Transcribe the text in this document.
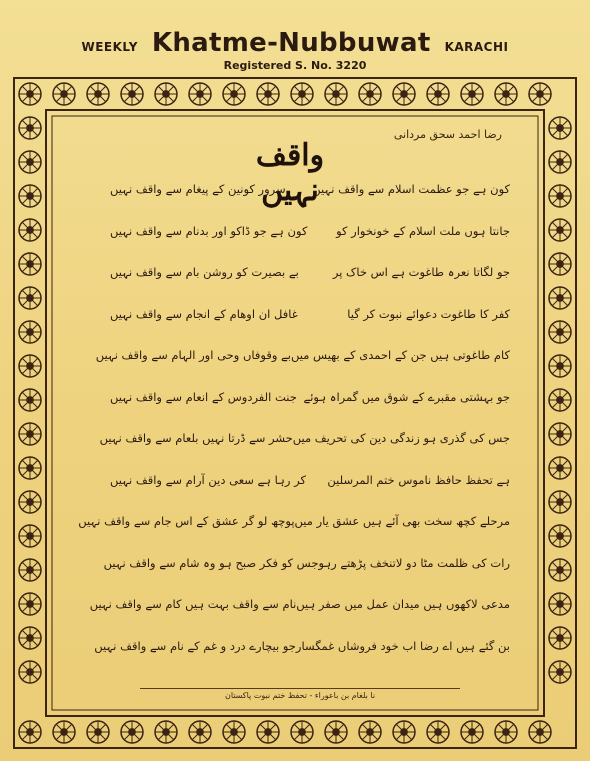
WEEKLY Khatme-Nubbuwat KARACHI
Registered S. No. 3220
رضا احمد سحق مردانی
واقف نہیں
کون ہے جو عظمت اسلام سے واقف نہیں
سرور کونین کے پیغام سے واقف نہیں
جانتا ہوں ملت اسلام کے خونخوار کو
کون ہے جو ڈاکو اور بدنام سے واقف نہیں
جو لگاتا نعرہ طاغوت ہے اس خاک پر
بے بصیرت کو روشن بام سے واقف نہیں
کفر کا طاغوت دعوائے نبوت کر گیا
غافل ان اوھام کے انجام سے واقف نہیں
کام طاغوتی ہیں جن کے احمدی کے بھیس میں
بے وقوفاں وحی اور الہام سے واقف نہیں
جو بہشتی مقبرے کے شوق میں گمراہ ہوئے
جنت الفردوس کے انعام سے واقف نہیں
جس کی گذری ہو زندگی دین کی تحریف میں
حشر سے ڈرتا نہیں بلعام سے واقف نہیں
ہے تحفظ حافظ ناموس ختم المرسلین
کر رہا ہے سعی دین آرام سے واقف نہیں
مرحلے کچھ سخت بھی آئے ہیں عشق یار میں
پوچھ لو گر عشق کے اس جام سے واقف نہیں
رات کی ظلمت مٹا دو لاتنخف پڑھتے رہو
جس کو فکر صبح ہو وہ شام سے واقف نہیں
مدعی لاکھوں ہیں میدان عمل میں صفر ہیں
نام سے واقف بہت ہیں کام سے واقف نہیں
بن گئے ہیں اے رضا اب خود فروشاں غمگسار
جو بیچارے درد و غم کے نام سے واقف نہیں
نا بلغام بن باعوراء - تحفظ ختم نبوت پاکستان
